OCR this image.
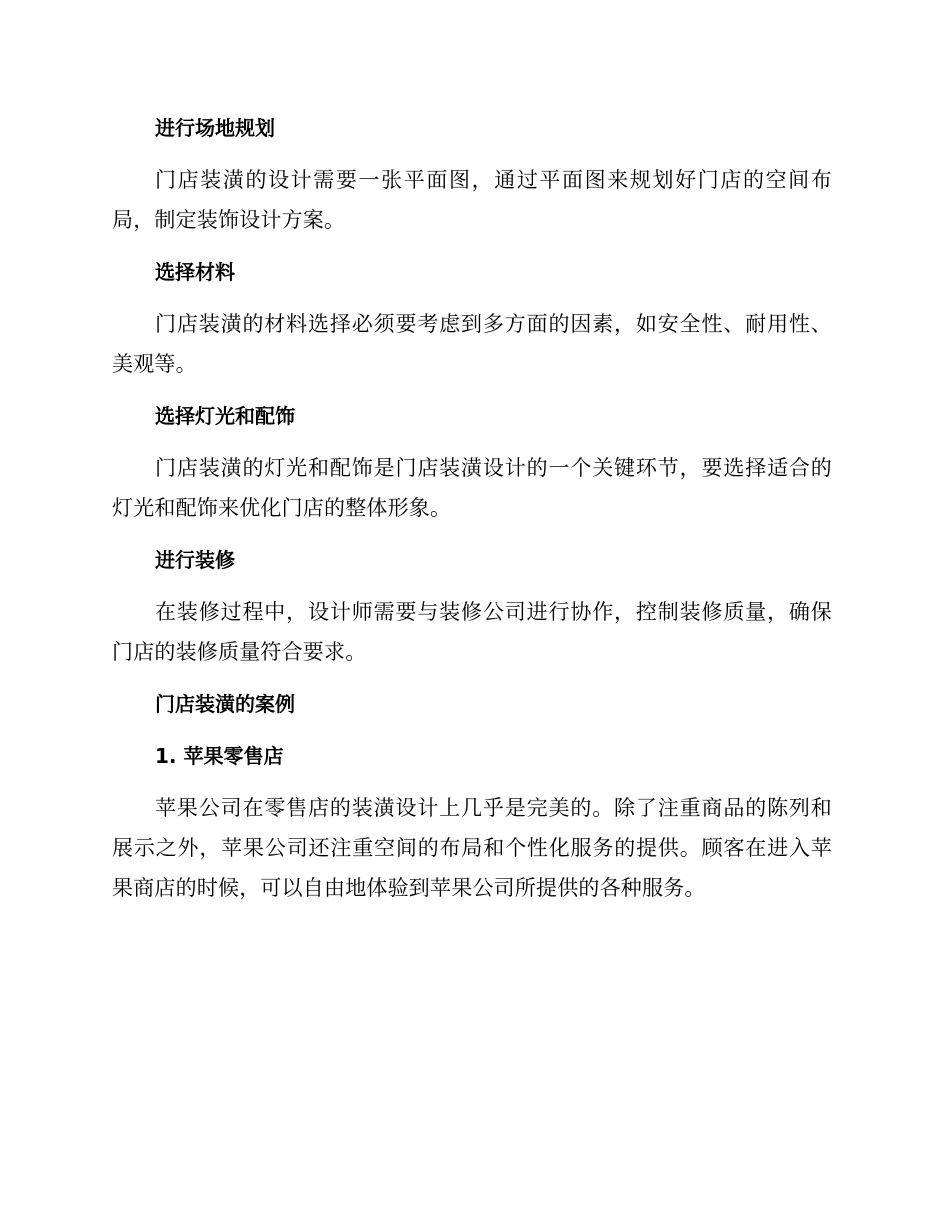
进行场地规划

门店装潢的设计需要一张平面图，通过平面图来规划好门店的空间布局，制定装饰设计方案。

选择材料

门店装潢的材料选择必须要考虑到多方面的因素，如安全性、耐用性、美观等。

选择灯光和配饰

门店装潢的灯光和配饰是门店装潢设计的一个关键环节，要选择适合的灯光和配饰来优化门店的整体形象。

进行装修

在装修过程中，设计师需要与装修公司进行协作，控制装修质量，确保门店的装修质量符合要求。

门店装潢的案例
1. 苹果零售店

苹果公司在零售店的装潢设计上几乎是完美的。除了注重商品的陈列和展示之外，苹果公司还注重空间的布局和个性化服务的提供。顾客在进入苹果商店的时候，可以自由地体验到苹果公司所提供的各种服务。
